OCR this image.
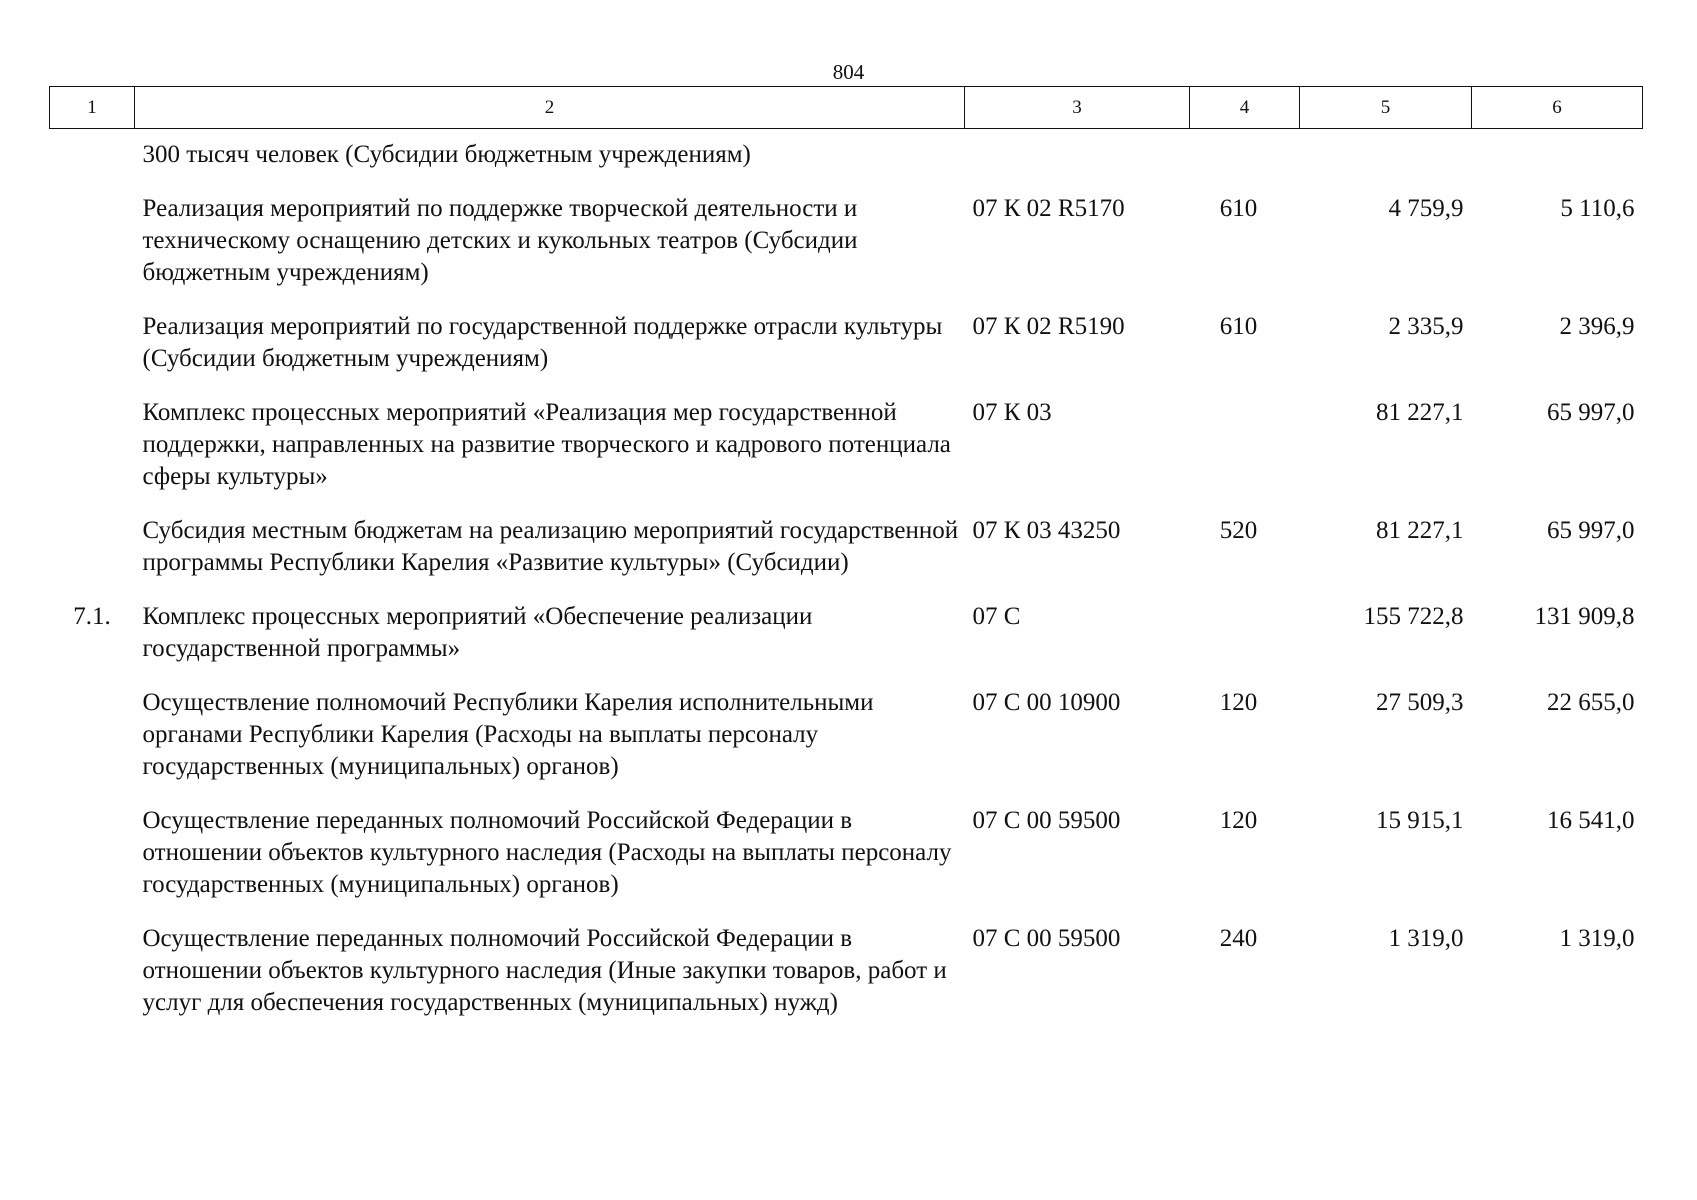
804
1	2	3	4	5	6
	300 тысяч человек (Субсидии бюджетным учреждениям)				
	Реализация мероприятий по поддержке творческой деятельности и техническому оснащению детских и кукольных театров (Субсидии бюджетным учреждениям)	07 К 02 R5170	610	4 759,9	5 110,6
	Реализация мероприятий по государственной поддержке отрасли культуры (Субсидии бюджетным учреждениям)	07 К 02 R5190	610	2 335,9	2 396,9
	Комплекс процессных мероприятий «Реализация мер государственной поддержки, направленных на развитие творческого и кадрового потенциала сферы культуры»	07 К 03		81 227,1	65 997,0
	Субсидия местным бюджетам на реализацию мероприятий государственной программы Республики Карелия «Развитие культуры» (Субсидии)	07 К 03 43250	520	81 227,1	65 997,0
7.1.	Комплекс процессных мероприятий «Обеспечение реализации государственной программы»	07 С		155 722,8	131 909,8
	Осуществление полномочий Республики Карелия исполнительными органами Республики Карелия (Расходы на выплаты персоналу государственных (муниципальных) органов)	07 С 00 10900	120	27 509,3	22 655,0
	Осуществление переданных полномочий Российской Федерации в отношении объектов культурного наследия (Расходы на выплаты персоналу государственных (муниципальных) органов)	07 С 00 59500	120	15 915,1	16 541,0
	Осуществление переданных полномочий Российской Федерации в отношении объектов культурного наследия (Иные закупки товаров, работ и услуг для обеспечения государственных (муниципальных) нужд)	07 С 00 59500	240	1 319,0	1 319,0
